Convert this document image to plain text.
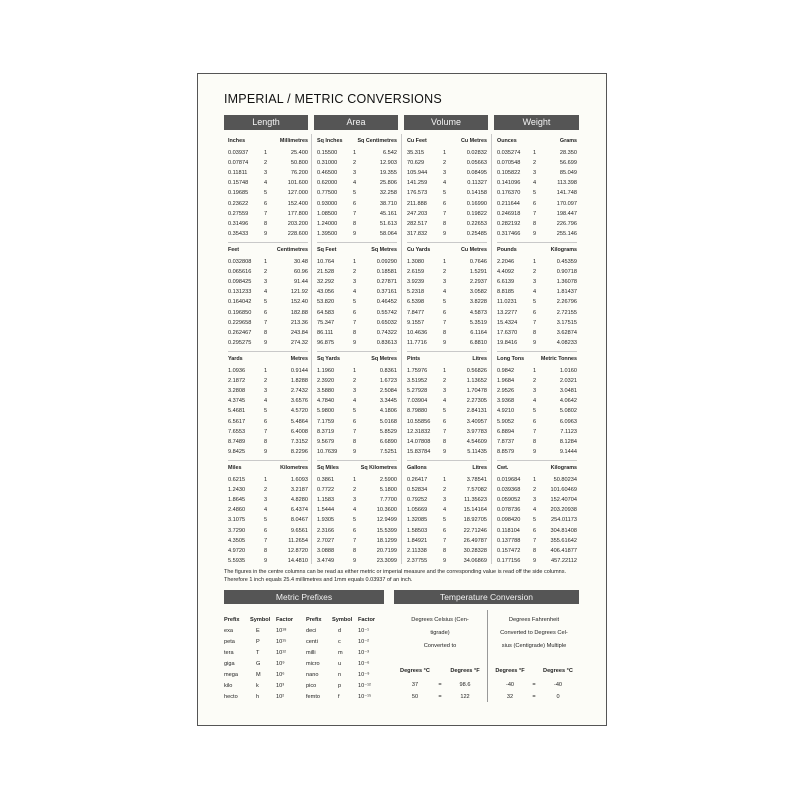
IMPERIAL / METRIC CONVERSIONS
Length	Area	Volume	Weight
Inches	Millimetres
0.03937	1	25.400
0.07874	2	50.800
0.11811	3	76.200
0.15748	4	101.600
0.19685	5	127.000
0.23622	6	152.400
0.27559	7	177.800
0.31496	8	203.200
0.35433	9	228.600
Feet	Centimetres
0.032808	1	30.48
0.065616	2	60.96
0.098425	3	91.44
0.131233	4	121.92
0.164042	5	152.40
0.196850	6	182.88
0.229658	7	213.36
0.262467	8	243.84
0.295275	9	274.32
Yards	Metres
1.0936	1	0.9144
2.1872	2	1.8288
3.2808	3	2.7432
4.3745	4	3.6576
5.4681	5	4.5720
6.5617	6	5.4864
7.6553	7	6.4008
8.7489	8	7.3152
9.8425	9	8.2296
Miles	Kilometres
0.6215	1	1.6093
1.2430	2	3.2187
1.8645	3	4.8280
2.4860	4	6.4374
3.1075	5	8.0467
3.7290	6	9.6561
4.3505	7	11.2654
4.9720	8	12.8720
5.5935	9	14.4810
Sq Inches	Sq Centimetres
0.15500	1	6.542
0.31000	2	12.903
0.46500	3	19.355
0.62000	4	25.806
0.77500	5	32.258
0.93000	6	38.710
1.08500	7	45.161
1.24000	8	51.613
1.39500	9	58.064
Sq Feet	Sq Metres
10.764	1	0.09290
21.528	2	0.18581
32.292	3	0.27871
43.056	4	0.37161
53.820	5	0.46452
64.583	6	0.55742
75.347	7	0.65032
86.111	8	0.74322
96.875	9	0.83613
Sq Yards	Sq Metres
1.1960	1	0.8361
2.3920	2	1.6723
3.5880	3	2.5084
4.7840	4	3.3445
5.9800	5	4.1806
7.1759	6	5.0168
8.3719	7	5.8529
9.5679	8	6.6890
10.7639	9	7.5251
Sq Miles	Sq Kilometres
0.3861	1	2.5900
0.7722	2	5.1800
1.1583	3	7.7700
1.5444	4	10.3600
1.9305	5	12.9499
2.3166	6	15.5399
2.7027	7	18.1299
3.0888	8	20.7199
3.4749	9	23.3099
Cu Feet	Cu Metres
35.315	1	0.02832
70.629	2	0.05663
105.944	3	0.08495
141.259	4	0.11327
176.573	5	0.14158
211.888	6	0.16990
247.203	7	0.19822
282.517	8	0.22653
317.832	9	0.25485
Cu Yards	Cu Metres
1.3080	1	0.7646
2.6159	2	1.5291
3.9239	3	2.2937
5.2318	4	3.0582
6.5398	5	3.8228
7.8477	6	4.5873
9.1557	7	5.3519
10.4636	8	6.1164
11.7716	9	6.8810
Pints	Litres
1.75976	1	0.56826
3.51952	2	1.13652
5.27928	3	1.70478
7.03904	4	2.27305
8.79880	5	2.84131
10.55856	6	3.40957
12.31832	7	3.97783
14.07808	8	4.54609
15.83784	9	5.11435
Gallons	Litres
0.26417	1	3.78541
0.52834	2	7.57082
0.79252	3	11.35623
1.05669	4	15.14164
1.32085	5	18.92705
1.58503	6	22.71246
1.84921	7	26.49787
2.11338	8	30.28328
2.37755	9	34.06869
Ounces	Grams
0.035274	1	28.350
0.070548	2	56.699
0.105822	3	85.049
0.141096	4	113.398
0.176370	5	141.748
0.211644	6	170.097
0.246918	7	198.447
0.282192	8	226.796
0.317466	9	255.146
Pounds	Kilograms
2.2046	1	0.45359
4.4092	2	0.90718
6.6139	3	1.36078
8.8185	4	1.81437
11.0231	5	2.26796
13.2277	6	2.72155
15.4324	7	3.17515
17.6370	8	3.62874
19.8416	9	4.08233
Long Tons	Metric Tonnes
0.9842	1	1.0160
1.9684	2	2.0321
2.9526	3	3.0481
3.9368	4	4.0642
4.9210	5	5.0802
5.9052	6	6.0963
6.8894	7	7.1123
7.8737	8	8.1284
8.8579	9	9.1444
Cwt.	Kilograms
0.019684	1	50.80234
0.039368	2	101.60469
0.059052	3	152.40704
0.078736	4	203.20938
0.098420	5	254.01173
0.118104	6	304.81408
0.137788	7	355.61642
0.157472	8	406.41877
0.177156	9	457.22112
The figures in the centre columns can be read as either metric or imperial measure and the corresponding value is read off the side columns. Therefore 1 inch equals 25.4 millimetres and 1mm equals 0.03937 of an inch.
Metric Prefixes	Temperature Conversion
Prefix	Symbol	Factor	Prefix	Symbol	Factor
exa	E	10¹⁸	deci	d	10⁻¹
peta	P	10¹⁵	centi	c	10⁻²
tera	T	10¹²	milli	m	10⁻³
giga	G	10⁹	micro	u	10⁻⁶
mega	M	10⁶	nano	n	10⁻⁹
kilo	k	10³	pico	p	10⁻¹²
hecto	h	10²	femto	f	10⁻¹⁵
Degrees Celsius (Cen-
tigrade)
Converted to
Degrees Fahrenheit
Converted to Degrees Cel-
sius (Centigrade) Multiple
Degrees °C	Degrees °F	Degrees °F	Degrees °C
37	=	98.6	-40	=	-40
50	=	122	32	=	0
